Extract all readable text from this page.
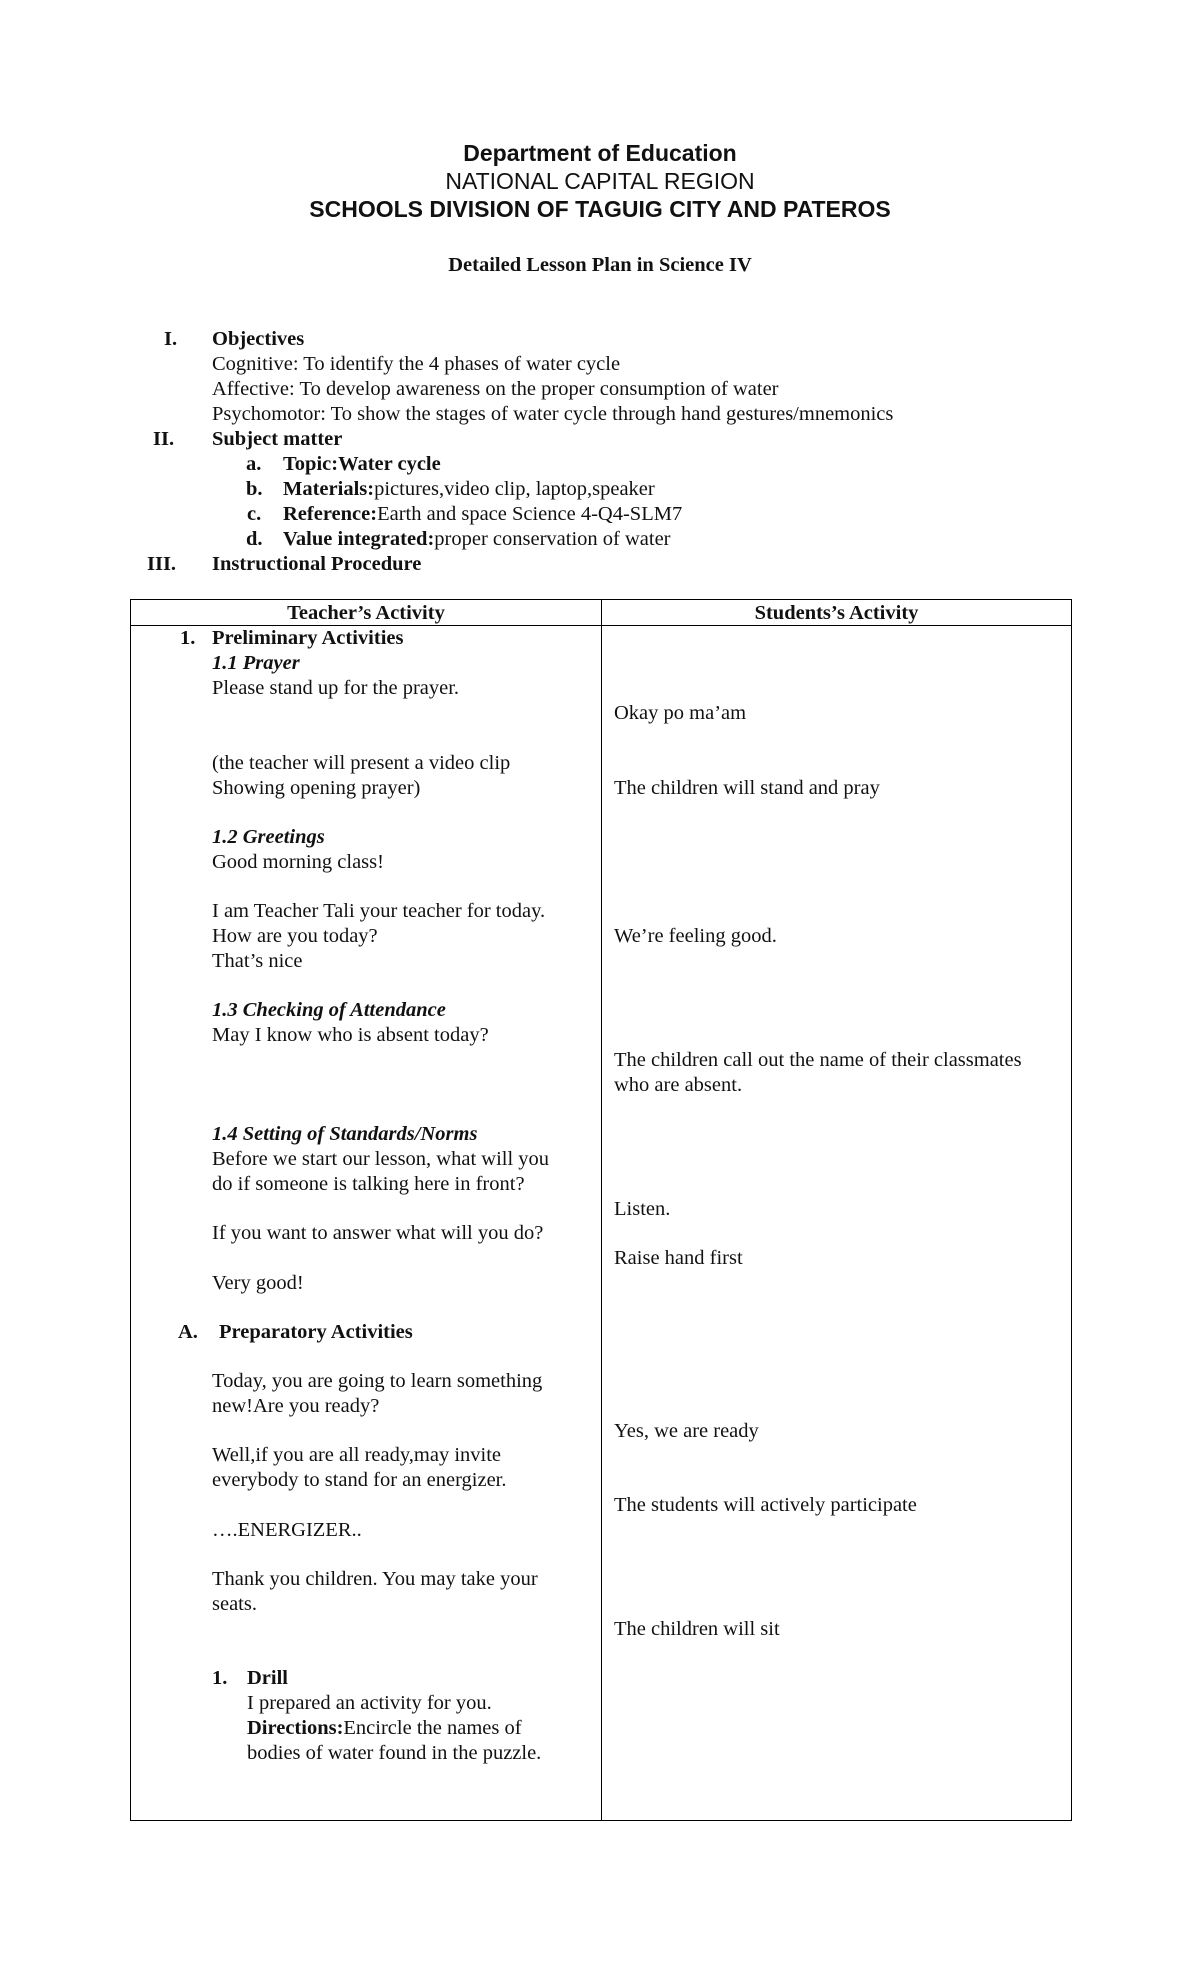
Department of Education
NATIONAL CAPITAL REGION
SCHOOLS DIVISION OF TAGUIG CITY AND PATEROS
Detailed Lesson Plan in Science IV
I. Objectives
Cognitive: To identify the 4 phases of water cycle
Affective: To develop awareness on the proper consumption of water
Psychomotor: To show the stages of water cycle through hand gestures/mnemonics
II. Subject matter
a. Topic:Water cycle
b. Materials:pictures,video clip, laptop,speaker
c. Reference:Earth and space Science 4-Q4-SLM7
d. Value integrated:proper conservation of water
III. Instructional Procedure
Teacher’s Activity	Students’s Activity
1. Preliminary Activities
1.1 Prayer
Please stand up for the prayer.
(the teacher will present a video clip
Showing opening prayer)
1.2 Greetings
Good morning class!
I am Teacher Tali your teacher for today.
How are you today?
That’s nice
1.3 Checking of Attendance
May I know who is absent today?
1.4 Setting of Standards/Norms
Before we start our lesson, what will you
do if someone is talking here in front?
If you want to answer what will you do?
Very good!
A. Preparatory Activities
Today, you are going to learn something
new!Are you ready?
Well,if you are all ready,may invite
everybody to stand for an energizer.
….ENERGIZER..
Thank you children. You may take your
seats.
1. Drill
I prepared an activity for you.
Directions:Encircle the names of
bodies of water found in the puzzle.
Okay po ma’am
The children will stand and pray
We’re feeling good.
The children call out the name of their classmates
who are absent.
Listen.
Raise hand first
Yes, we are ready
The students will actively participate
The children will sit
